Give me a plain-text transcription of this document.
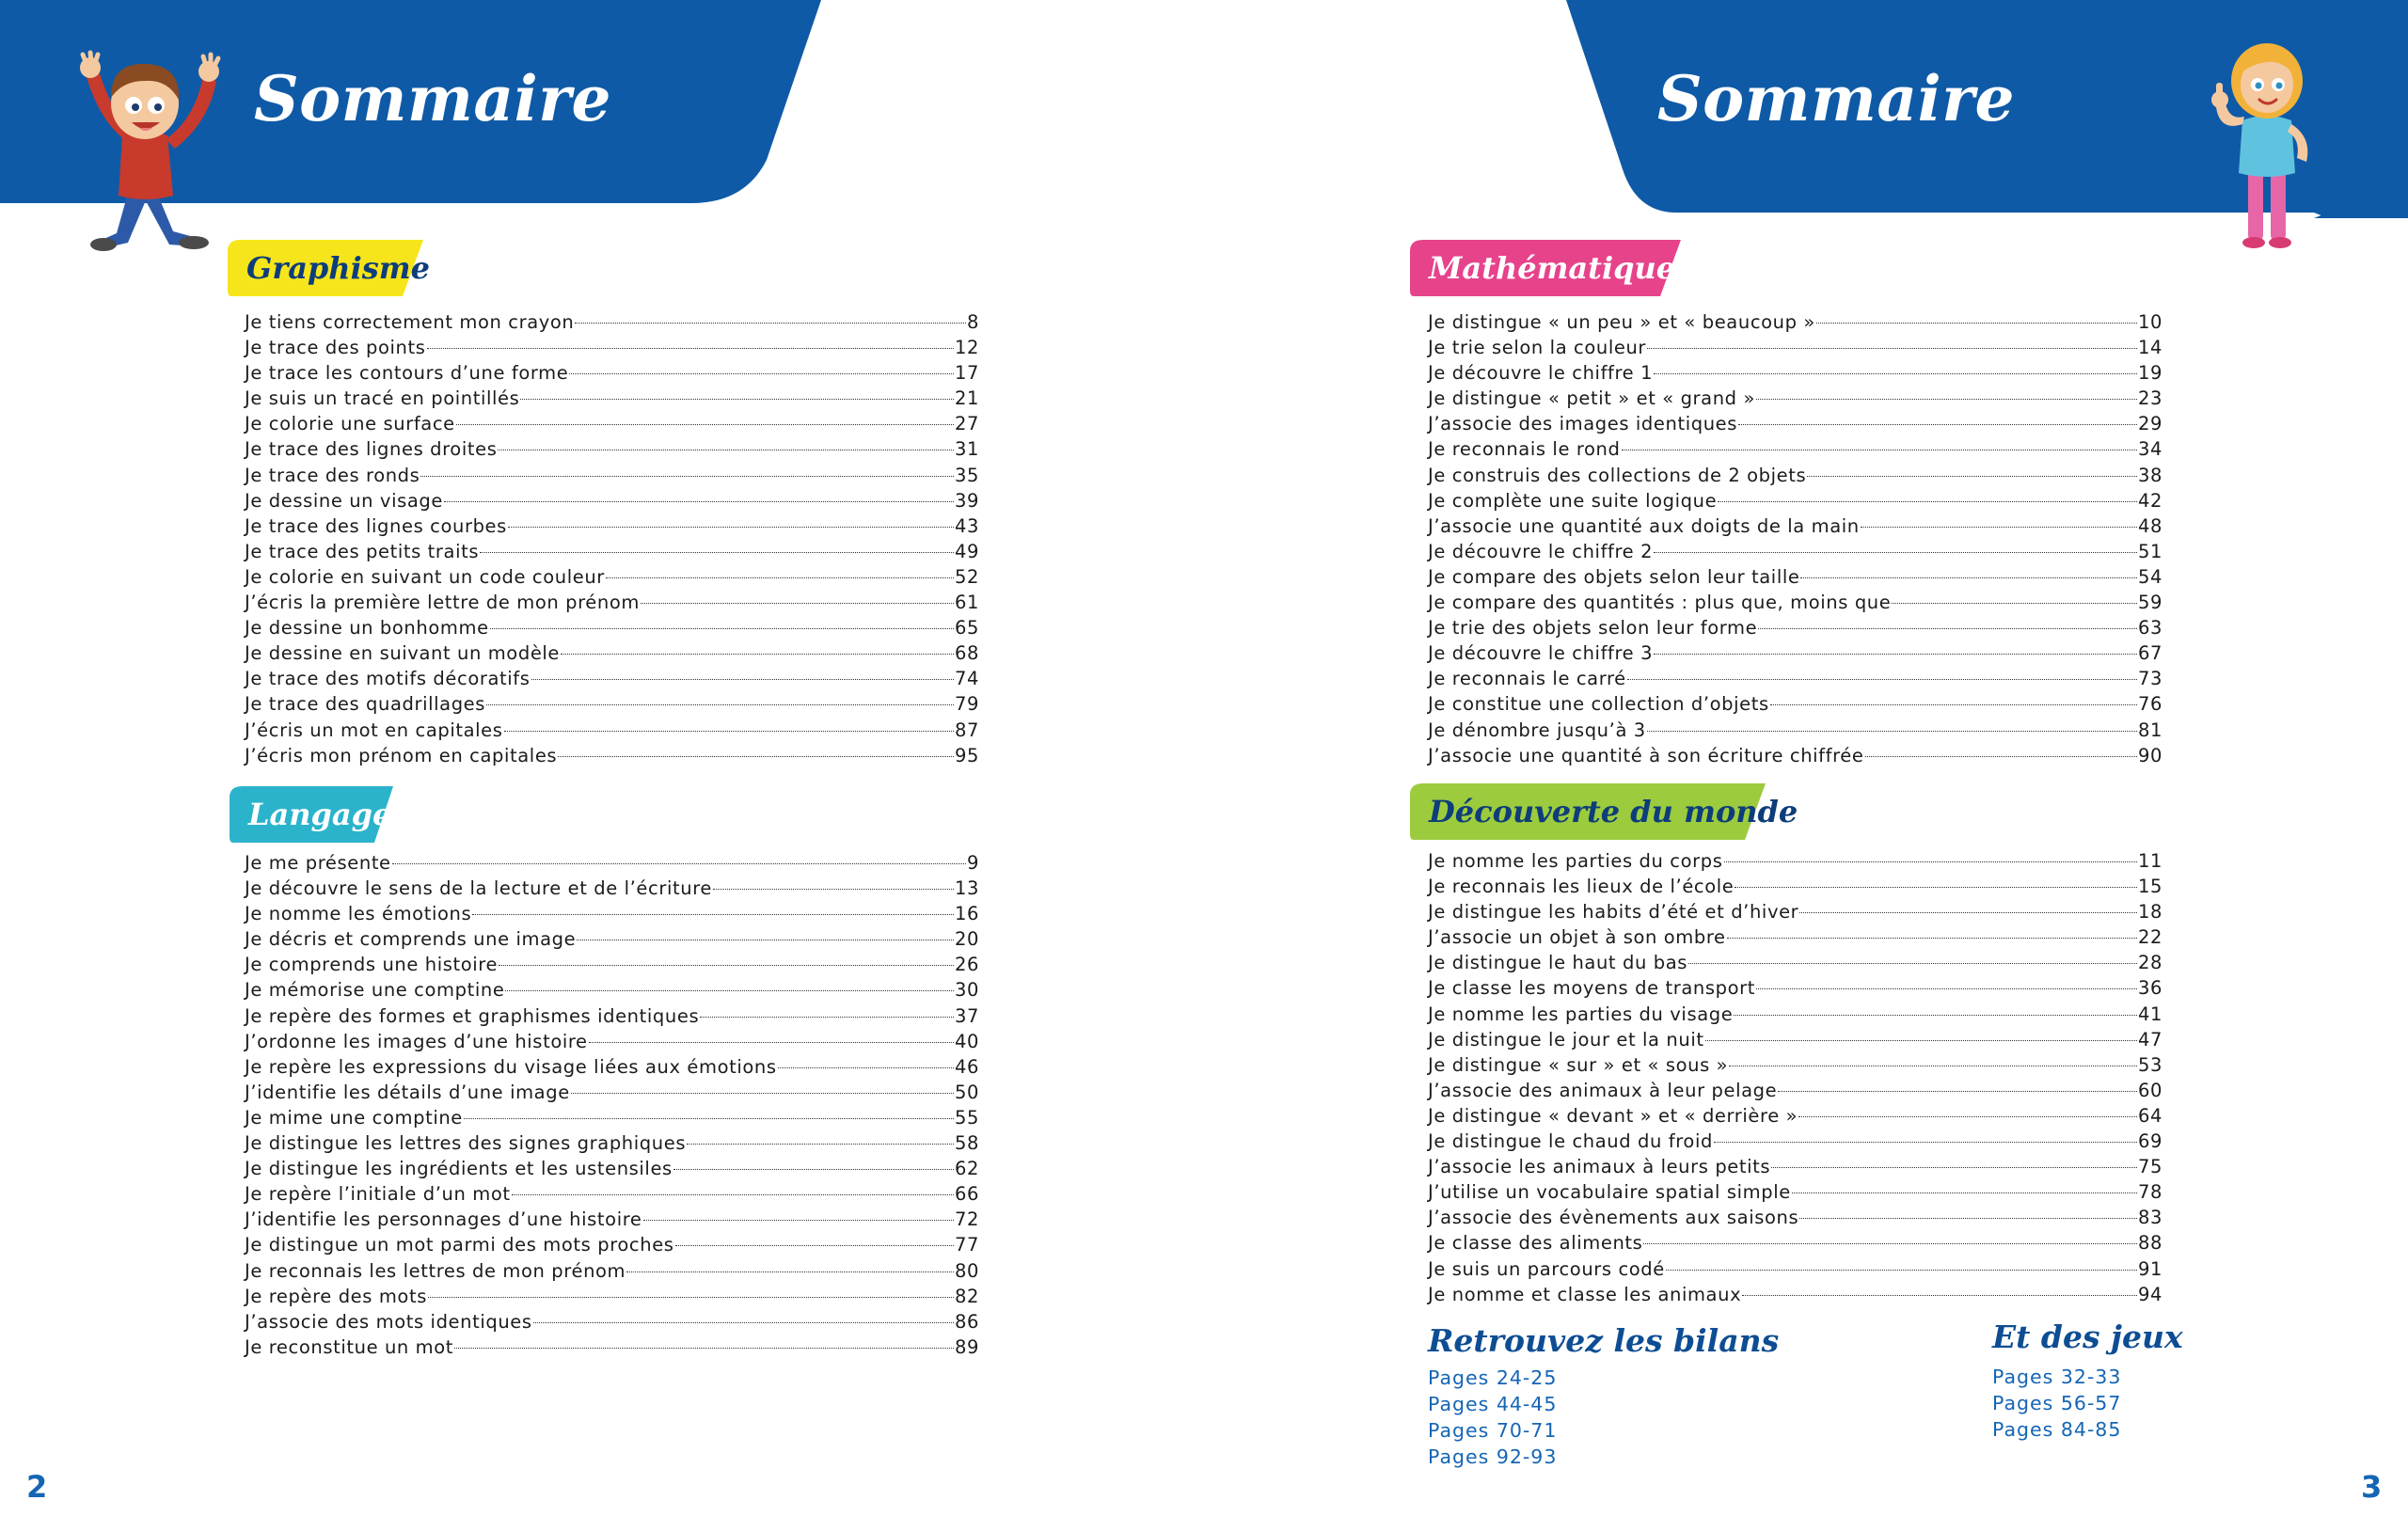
Sommaire
Graphisme
Je tiens correctement mon crayon	8
Je trace des points	12
Je trace les contours d’une forme	17
Je suis un tracé en pointillés	21
Je colorie une surface	27
Je trace des lignes droites	31
Je trace des ronds	35
Je dessine un visage	39
Je trace des lignes courbes	43
Je trace des petits traits	49
Je colorie en suivant un code couleur	52
J’écris la première lettre de mon prénom	61
Je dessine un bonhomme	65
Je dessine en suivant un modèle	68
Je trace des motifs décoratifs	74
Je trace des quadrillages	79
J’écris un mot en capitales	87
J’écris mon prénom en capitales	95
Langage
Je me présente	9
Je découvre le sens de la lecture et de l’écriture	13
Je nomme les émotions	16
Je décris et comprends une image	20
Je comprends une histoire	26
Je mémorise une comptine	30
Je repère des formes et graphismes identiques	37
J’ordonne les images d’une histoire	40
Je repère les expressions du visage liées aux émotions	46
J’identifie les détails d’une image	50
Je mime une comptine	55
Je distingue les lettres des signes graphiques	58
Je distingue les ingrédients et les ustensiles	62
Je repère l’initiale d’un mot	66
J’identifie les personnages d’une histoire	72
Je distingue un mot parmi des mots proches	77
Je reconnais les lettres de mon prénom	80
Je repère des mots	82
J’associe des mots identiques	86
Je reconstitue un mot	89
2
Sommaire
Mathématiques
Je distingue « un peu » et « beaucoup »	10
Je trie selon la couleur	14
Je découvre le chiffre 1	19
Je distingue « petit » et « grand »	23
J’associe des images identiques	29
Je reconnais le rond	34
Je construis des collections de 2 objets	38
Je complète une suite logique	42
J’associe une quantité aux doigts de la main	48
Je découvre le chiffre 2	51
Je compare des objets selon leur taille	54
Je compare des quantités : plus que, moins que	59
Je trie des objets selon leur forme	63
Je découvre le chiffre 3	67
Je reconnais le carré	73
Je constitue une collection d’objets	76
Je dénombre jusqu’à 3	81
J’associe une quantité à son écriture chiffrée	90
Découverte du monde
Je nomme les parties du corps	11
Je reconnais les lieux de l’école	15
Je distingue les habits d’été et d’hiver	18
J’associe un objet à son ombre	22
Je distingue le haut du bas	28
Je classe les moyens de transport	36
Je nomme les parties du visage	41
Je distingue le jour et la nuit	47
Je distingue « sur » et « sous »	53
J’associe des animaux à leur pelage	60
Je distingue « devant » et « derrière »	64
Je distingue le chaud du froid	69
J’associe les animaux à leurs petits	75
J’utilise un vocabulaire spatial simple	78
J’associe des évènements aux saisons	83
Je classe des aliments	88
Je suis un parcours codé	91
Je nomme et classe les animaux	94
Retrouvez les bilans
Pages 24-25
Pages 44-45
Pages 70-71
Pages 92-93
Et des jeux
Pages 32-33
Pages 56-57
Pages 84-85
3
